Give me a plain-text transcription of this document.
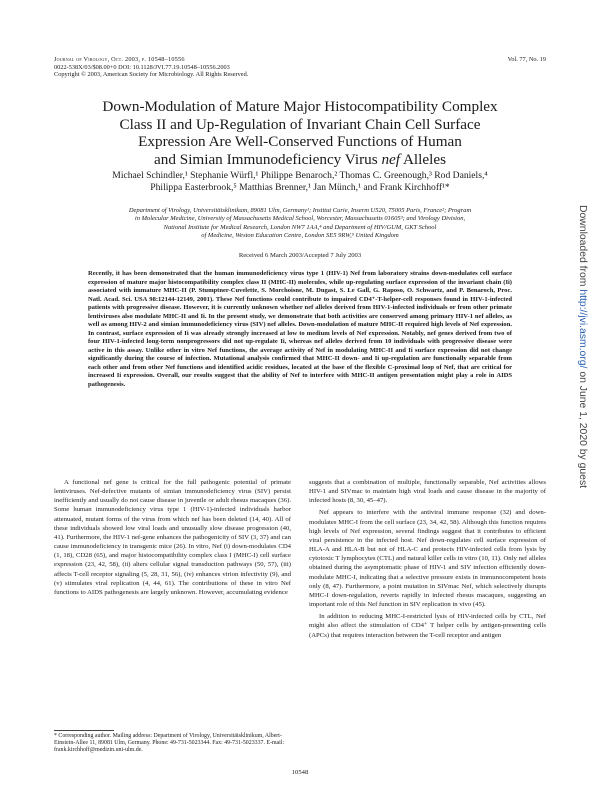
Journal of Virology, Oct. 2003, p. 10548–10556
0022-538X/03/$08.00+0 DOI: 10.1128/JVI.77.19.10548–10556.2003
Copyright © 2003, American Society for Microbiology. All Rights Reserved.
Vol. 77, No. 19
Down-Modulation of Mature Major Histocompatibility Complex
Class II and Up-Regulation of Invariant Chain Cell Surface
Expression Are Well-Conserved Functions of Human
and Simian Immunodeficiency Virus nef Alleles
Michael Schindler,¹ Stephanie Würfl,¹ Philippe Benaroch,² Thomas C. Greenough,³ Rod Daniels,⁴
Philippa Easterbrook,⁵ Matthias Brenner,¹ Jan Münch,¹ and Frank Kirchhoff¹*
Department of Virology, Universitätsklinikum, 89081 Ulm, Germany¹; Institut Curie, Inserm U520, 75005 Paris, France²; Program
in Molecular Medicine, University of Massachusetts Medical School, Worcester, Massachusetts 01605³; and Virology Division,
National Institute for Medical Research, London NW7 1AA,⁴ and Department of HIV/GUM, GKT School
of Medicine, Weston Education Centre, London SE5 9RW,⁵ United Kingdom
Received 6 March 2003/Accepted 7 July 2003
Recently, it has been demonstrated that the human immunodeficiency virus type 1 (HIV-1) Nef from laboratory strains down-modulates cell surface expression of mature major histocompatibility complex class II (MHC-II) molecules, while up-regulating surface expression of the invariant chain (Ii) associated with immature MHC-II (P. Stumptner-Cuvelette, S. Morchoisne, M. Dugast, S. Le Gall, G. Raposo, O. Schwartz, and P. Benaroch, Proc. Natl. Acad. Sci. USA 98:12144-12149, 2001). These Nef functions could contribute to impaired CD4⁺-T-helper-cell responses found in HIV-1-infected patients with progressive disease. However, it is currently unknown whether nef alleles derived from HIV-1-infected individuals or from other primate lentiviruses also modulate MHC-II and Ii. In the present study, we demonstrate that both activities are conserved among primary HIV-1 nef alleles, as well as among HIV-2 and simian immunodeficiency virus (SIV) nef alleles. Down-modulation of mature MHC-II required high levels of Nef expression. In contrast, surface expression of Ii was already strongly increased at low to medium levels of Nef expression. Notably, nef genes derived from two of four HIV-1-infected long-term nonprogressors did not up-regulate Ii, whereas nef alleles derived from 10 individuals with progressive disease were active in this assay. Unlike other in vitro Nef functions, the average activity of Nef in modulating MHC-II and Ii surface expression did not change significantly during the course of infection. Mutational analysis confirmed that MHC-II down- and Ii up-regulation are functionally separable from each other and from other Nef functions and identified acidic residues, located at the base of the flexible C-proximal loop of Nef, that are critical for increased Ii expression. Overall, our results suggest that the ability of Nef to interfere with MHC-II antigen presentation might play a role in AIDS pathogenesis.

A functional nef gene is critical for the full pathogenic potential of primate lentiviruses. Nef-defective mutants of simian immunodeficiency virus (SIV) persist inefficiently and usually do not cause disease in juvenile or adult rhesus macaques (36). Some human immunodeficiency virus type 1 (HIV-1)-infected individuals harbor attenuated, mutant forms of the virus from which nef has been deleted (14, 40). All of these individuals showed low viral loads and unusually slow disease progression (40, 41). Furthermore, the HIV-1 nef-gene enhances the pathogenicity of SIV (3, 37) and can cause immunodeficiency in transgenic mice (26). In vitro, Nef (i) down-modulates CD4 (1, 18), CD28 (65), and major histocompatibility complex class I (MHC-I) cell surface expression (23, 42, 58), (ii) alters cellular signal transduction pathways (50, 57), (iii) affects T-cell receptor signaling (5, 28, 31, 56), (iv) enhances virion infectivity (9), and (v) stimulates viral replication (4, 44, 61). The contributions of these in vitro Nef functions to AIDS pathogenesis are largely unknown. However, accumulating evidence

suggests that a combination of multiple, functionally separable, Nef activities allows HIV-1 and SIVmac to maintain high viral loads and cause disease in the majority of infected hosts (8, 30, 45–47).

Nef appears to interfere with the antiviral immune response (32) and down-modulates MHC-I from the cell surface (23, 34, 42, 58). Although this function requires high levels of Nef expression, several findings suggest that it contributes to efficient viral persistence in the infected host. Nef down-regulates cell surface expression of HLA-A and HLA-B but not of HLA-C and protects HIV-infected cells from lysis by cytotoxic T lymphocytes (CTL) and natural killer cells in vitro (10, 11). Only nef alleles obtained during the asymptomatic phase of HIV-1 and SIV infection efficiently down-modulate MHC-I, indicating that a selective pressure exists in immunocompetent hosts only (8, 47). Furthermore, a point mutation in SIVmac Nef, which selectively disrupts MHC-I down-regulation, reverts rapidly in infected rhesus macaques, suggesting an important role of this Nef function in SIV replication in vivo (45).

In addition to reducing MHC-I-restricted lysis of HIV-infected cells by CTL, Nef might also affect the stimulation of CD4⁺ T helper cells by antigen-presenting cells (APCs) that requires interaction between the T-cell receptor and antigen

* Corresponding author. Mailing address: Department of Virology, Universitätsklinikum, Albert-Einstein-Allee 11, 89081 Ulm, Germany. Phone: 49-731-5023344. Fax: 49-731-5023337. E-mail: frank.kirchhoff@medizin.uni-ulm.de.
10548
Downloaded from http://jvi.asm.org/ on June 1, 2020 by guest
